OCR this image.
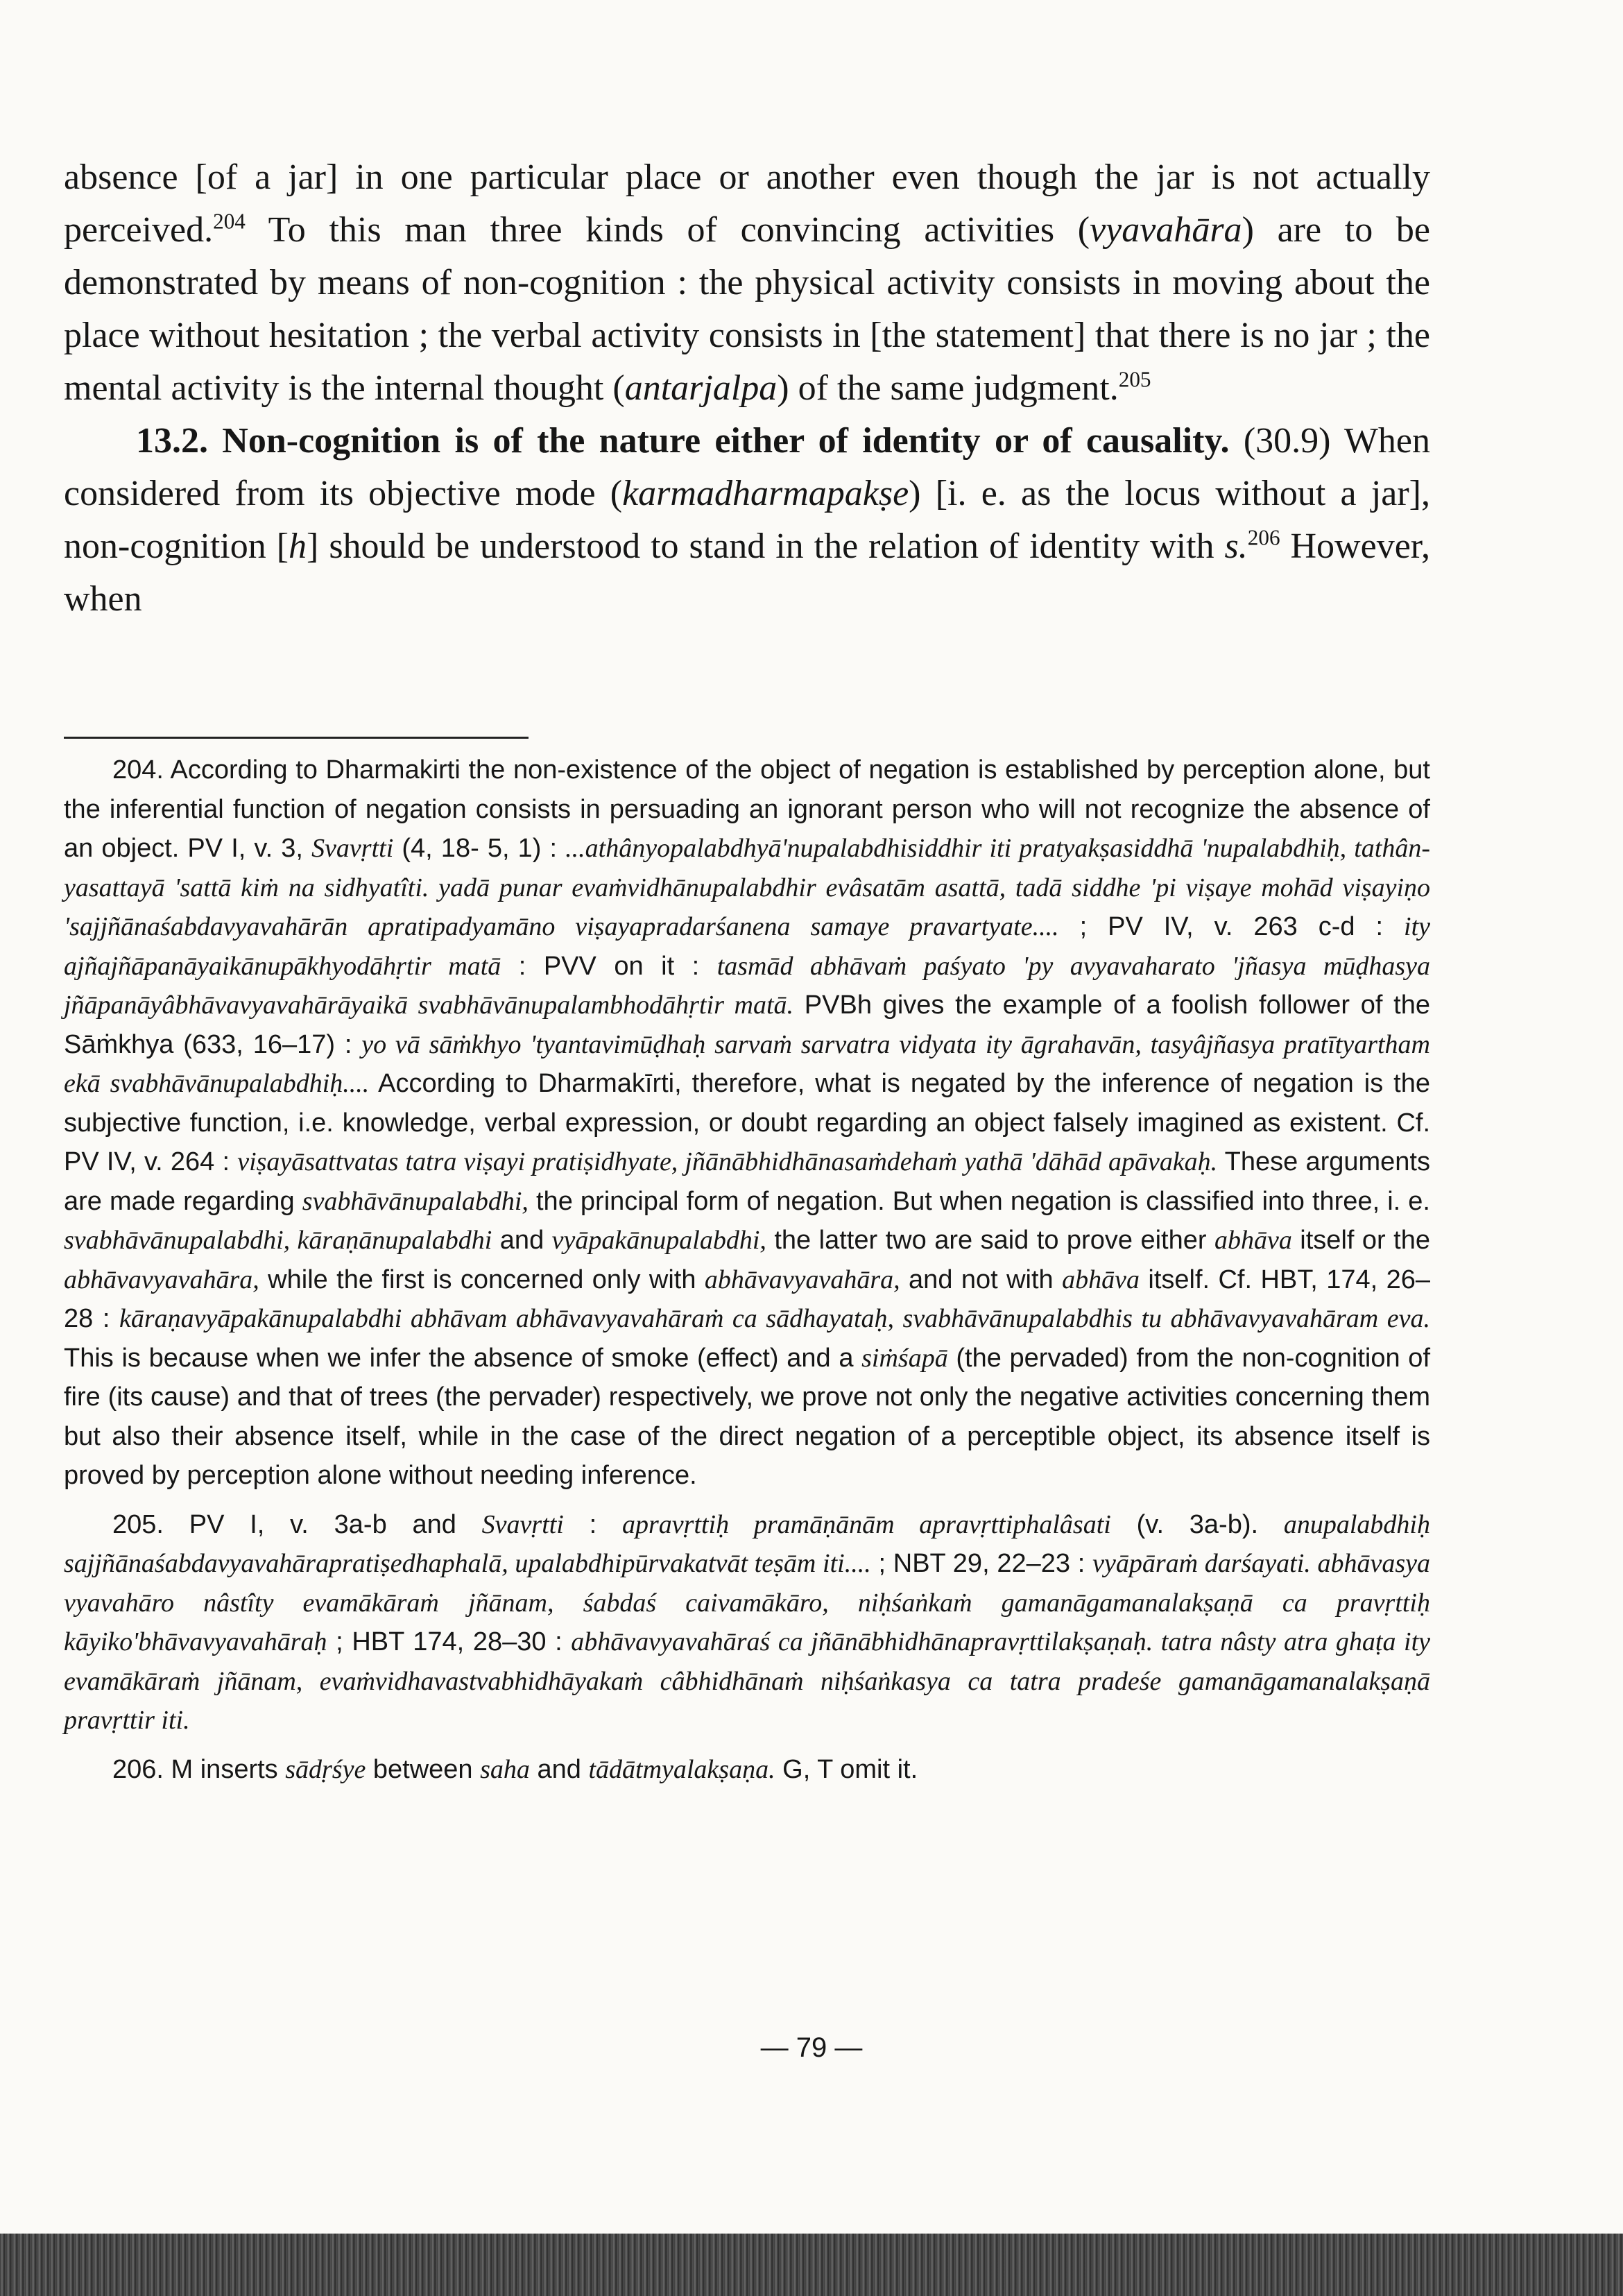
absence [of a jar] in one particular place or another even though the jar is not actually perceived.$^{204}$ To this man three kinds of convincing activities (vyavahāra) are to be demonstrated by means of non-cognition : the physical activity consists in moving about the place without hesitation ; the verbal activity consists in [the statement] that there is no jar ; the mental activity is the internal thought (antarjalpa) of the same judgment.$^{205}$

13.2. Non-cognition is of the nature either of identity or of causality. (30.9) When considered from its objective mode (karmadharmapakṣe) [i. e. as the locus without a jar], non-cognition [h] should be understood to stand in the relation of identity with s.$^{206}$ However, when

204. According to Dharmakirti the non-existence of the object of negation is established by perception alone, but the inferential function of negation consists in persuading an ignorant person who will not recognize the absence of an object. PV I, v. 3, Svavṛtti (4, 18- 5, 1) : ...athânyopalabdhyā'nupalabdhisiddhir iti pratyakṣasiddhā 'nupalabdhiḥ, tathânyasattayā 'sattā kiṁ na sidhyatîti. yadā punar evaṁvidhānupalabdhir evâsatām asattā, tadā siddhe 'pi viṣaye mohād viṣayiṇo 'sajjñānaśabdavyavahārān apratipadyamāno viṣayapradarśanena samaye pravartyate.... ; PV IV, v. 263 c-d : ity ajñajñāpanāyaikānupākhyodāhṛtir matā : PVV on it : tasmād abhāvaṁ paśyato 'py avyavaharato 'jñasya mūḍhasya jñāpanāyâbhāvavyavahārāyaikā svabhāvānupalambhodāhṛtir matā. PVBh gives the example of a foolish follower of the Sāṁkhya (633, 16–17) : yo vā sāṁkhyo 'tyantavimūḍhaḥ sarvaṁ sarvatra vidyata ity āgrahavān, tasyâjñasya pratītyartham ekā svabhāvānupalabdhiḥ.... According to Dharmakīrti, therefore, what is negated by the inference of negation is the subjective function, i.e. knowledge, verbal expression, or doubt regarding an object falsely imagined as existent. Cf. PV IV, v. 264 : viṣayāsattvatas tatra viṣayi pratiṣidhyate, jñānābhidhānasaṁdehaṁ yathā 'dāhād apāvakaḥ. These arguments are made regarding svabhāvānupalabdhi, the principal form of negation. But when negation is classified into three, i. e. svabhāvānupalabdhi, kāraṇānupalabdhi and vyāpakānupalabdhi, the latter two are said to prove either abhāva itself or the abhāvavyavahāra, while the first is concerned only with abhāvavyavahāra, and not with abhāva itself. Cf. HBT, 174, 26–28 : kāraṇavyāpakānupalabdhi abhāvam abhāvavyavahāraṁ ca sādhayataḥ, svabhāvānupalabdhis tu abhāvavyavahāram eva. This is because when we infer the absence of smoke (effect) and a siṁśapā (the pervaded) from the non-cognition of fire (its cause) and that of trees (the pervader) respectively, we prove not only the negative activities concerning them but also their absence itself, while in the case of the direct negation of a perceptible object, its absence itself is proved by perception alone without needing inference.

205. PV I, v. 3a-b and Svavṛtti : apravṛttiḥ pramāṇānām apravṛttiphalâsati (v. 3a-b). anupalabdhiḥ sajjñānaśabdavyavahārapratiṣedhaphalā, upalabdhipūrvakatvāt teṣām iti.... ; NBT 29, 22–23 : vyāpāraṁ darśayati. abhāvasya vyavahāro nâstîty evamākāraṁ jñānam, śabdaś caivamākāro, niḥśaṅkaṁ gamanāgamanalakṣaṇā ca pravṛttiḥ kāyiko'bhāvavyavahāraḥ ; HBT 174, 28–30 : abhāvavyavahāraś ca jñānābhidhānapravṛttilakṣaṇaḥ. tatra nâsty atra ghaṭa ity evamākāraṁ jñānam, evaṁvidhavastvabhidhāyakaṁ câbhidhānaṁ niḥśaṅkasya ca tatra pradeśe gamanāgamanalakṣaṇā pravṛttir iti.

206. M inserts sādṛśye between saha and tādātmyalakṣaṇa. G, T omit it.

— 79 —
